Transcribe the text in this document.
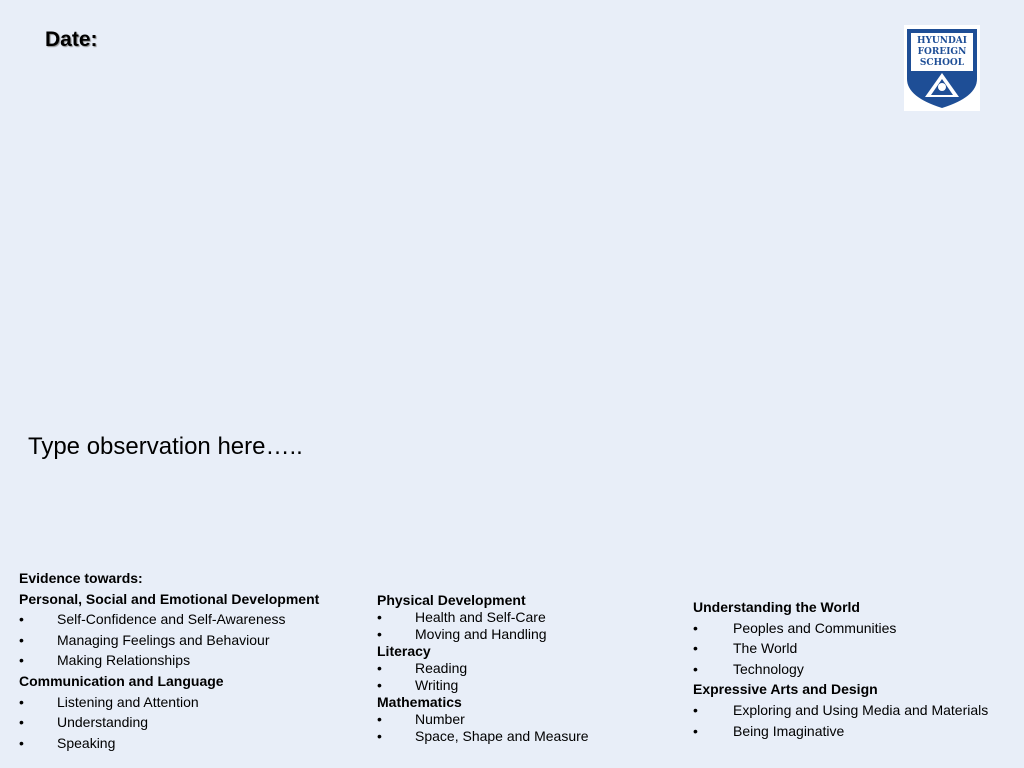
Date:	HYUNDAI
FOREIGN
SCHOOL
Type observation here…..
Evidence towards:
Personal, Social and Emotional Development
• Self-Confidence and Self-Awareness
• Managing Feelings and Behaviour
• Making Relationships
Communication and Language
• Listening and Attention
• Understanding
• Speaking
Physical Development
• Health and Self-Care
• Moving and Handling
Literacy
• Reading
• Writing
Mathematics
• Number
• Space, Shape and Measure
Understanding the World
•	Peoples and Communities
•	The World
•	Technology
Expressive Arts and Design
•	Exploring and Using Media and Materials
•	Being Imaginative
